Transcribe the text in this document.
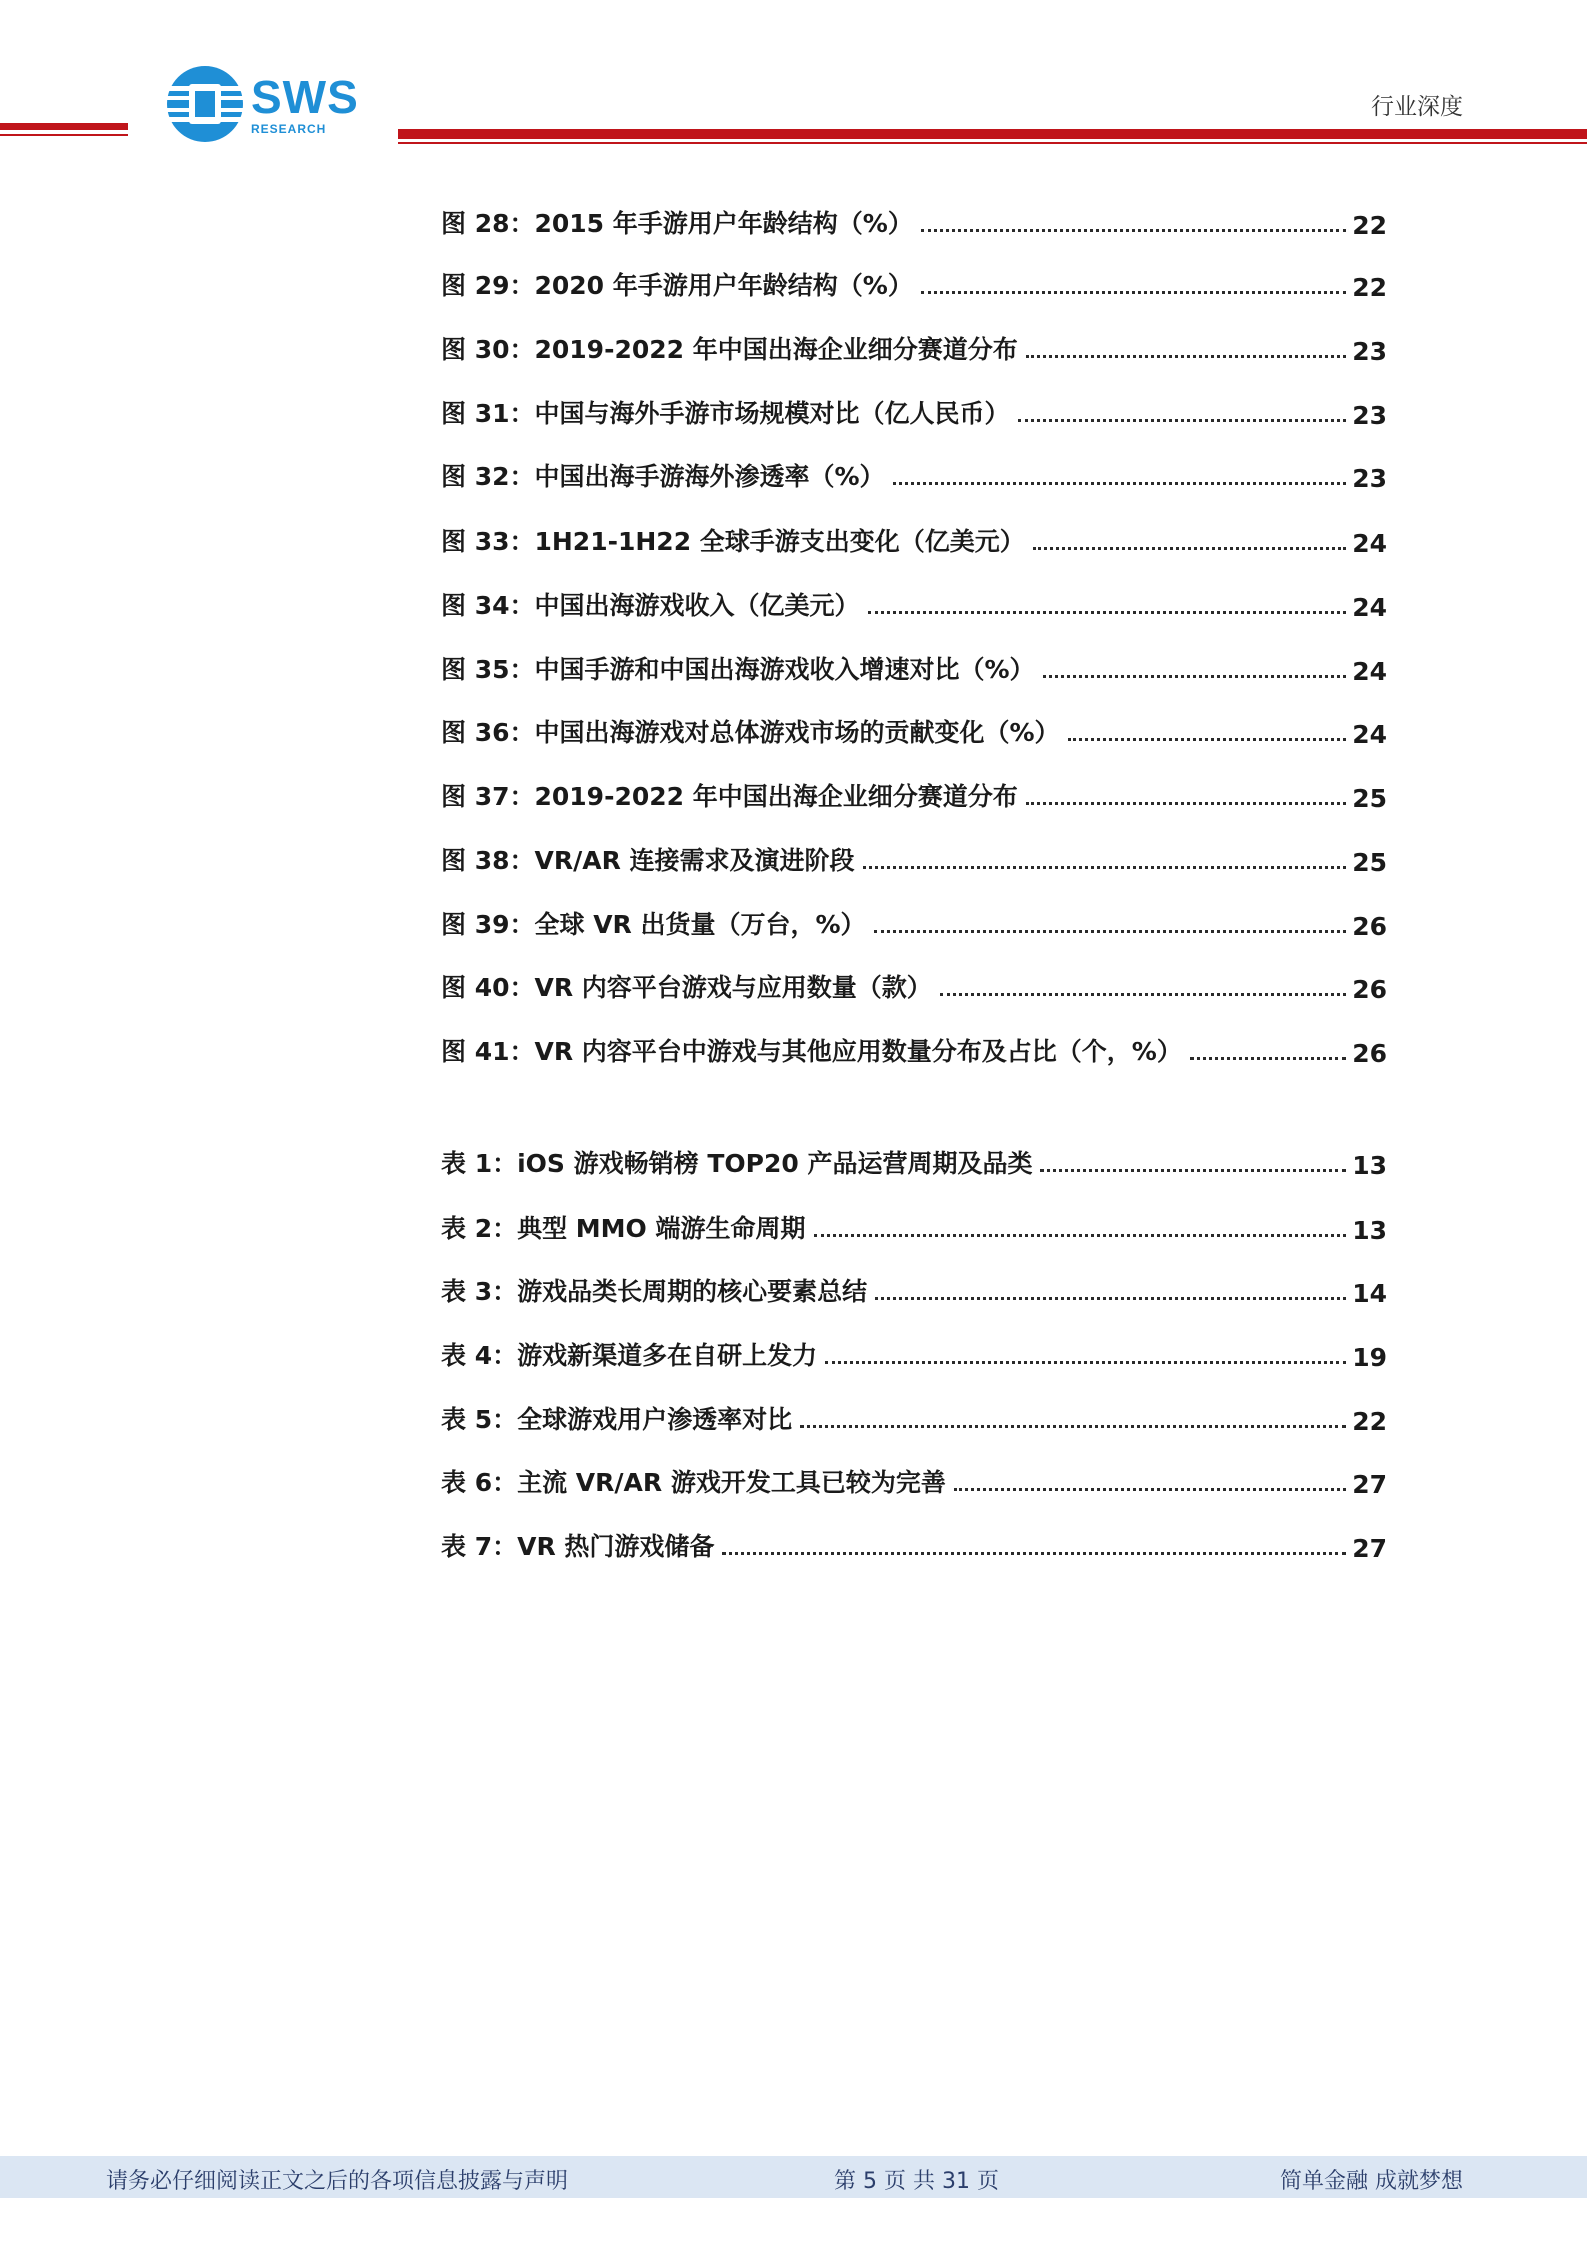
SWS
RESEARCH
行业深度
图 28：2015 年手游用户年龄结构（%）	22
图 29：2020 年手游用户年龄结构（%）	22
图 30：2019-2022 年中国出海企业细分赛道分布	23
图 31：中国与海外手游市场规模对比（亿人民币）	23
图 32：中国出海手游海外渗透率（%）	23
图 33：1H21-1H22 全球手游支出变化（亿美元）	24
图 34：中国出海游戏收入（亿美元）	24
图 35：中国手游和中国出海游戏收入增速对比（%）	24
图 36：中国出海游戏对总体游戏市场的贡献变化（%）	24
图 37：2019-2022 年中国出海企业细分赛道分布	25
图 38：VR/AR 连接需求及演进阶段	25
图 39：全球 VR 出货量（万台，%）	26
图 40：VR 内容平台游戏与应用数量（款）	26
图 41：VR 内容平台中游戏与其他应用数量分布及占比（个，%）	26
表 1：iOS 游戏畅销榜 TOP20 产品运营周期及品类	13
表 2：典型 MMO 端游生命周期	13
表 3：游戏品类长周期的核心要素总结	14
表 4：游戏新渠道多在自研上发力	19
表 5：全球游戏用户渗透率对比	22
表 6：主流 VR/AR 游戏开发工具已较为完善	27
表 7：VR 热门游戏储备	27
请务必仔细阅读正文之后的各项信息披露与声明	第 5 页 共 31 页	简单金融 成就梦想
